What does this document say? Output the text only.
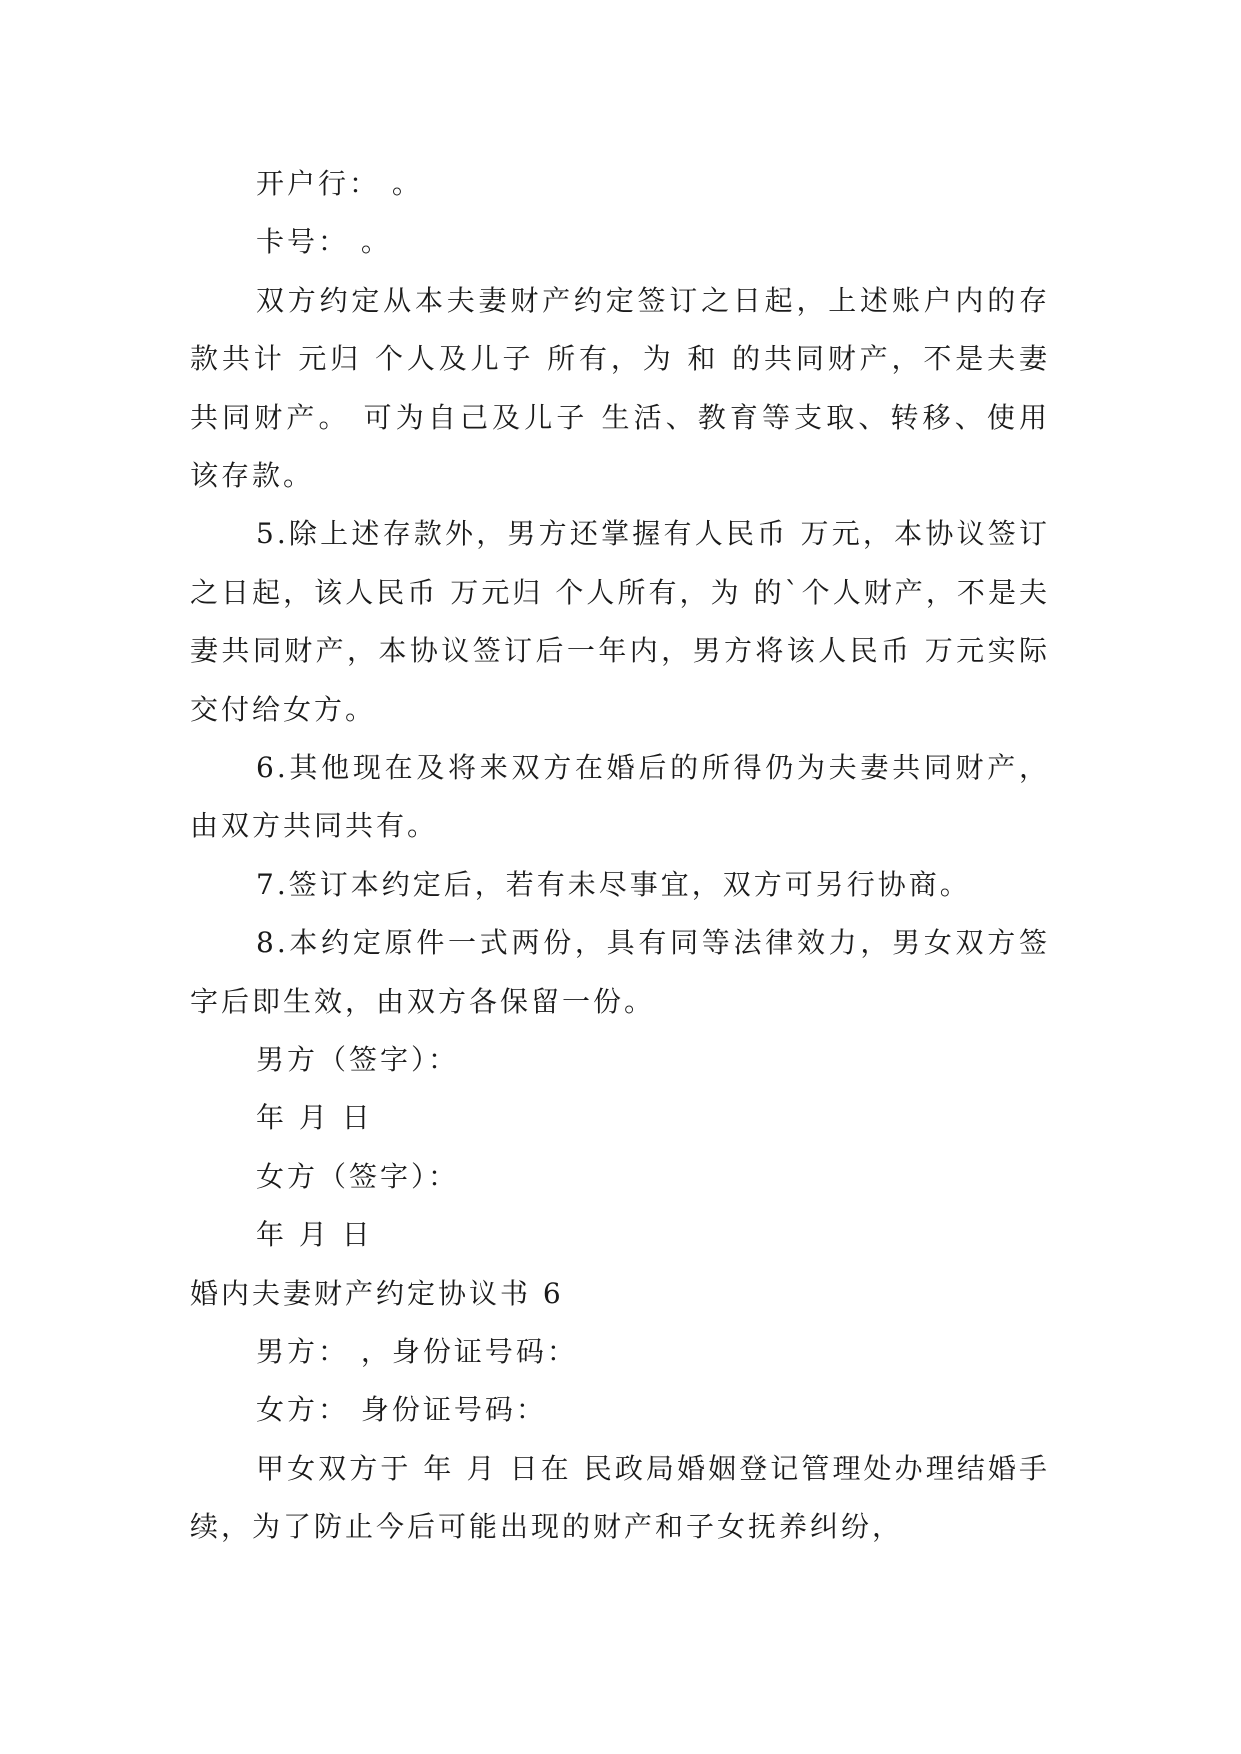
开户行： 。
卡号： 。

双方约定从本夫妻财产约定签订之日起，上述账户内的存款共计 元归 个人及儿子 所有，为 和 的共同财产，不是夫妻共同财产。 可为自己及儿子 生活、教育等支取、转移、使用该存款。

5.除上述存款外，男方还掌握有人民币 万元，本协议签订之日起，该人民币 万元归 个人所有，为 的`个人财产，不是夫妻共同财产，本协议签订后一年内，男方将该人民币 万元实际交付给女方。

6.其他现在及将来双方在婚后的所得仍为夫妻共同财产，由双方共同共有。

7.签订本约定后，若有未尽事宜，双方可另行协商。

8.本约定原件一式两份，具有同等法律效力，男女双方签字后即生效，由双方各保留一份。

男方（签字）：
年 月 日
女方（签字）：
年 月 日
婚内夫妻财产约定协议书 6
男方： ，身份证号码：
女方： 身份证号码：

甲女双方于 年 月 日在 民政局婚姻登记管理处办理结婚手续，为了防止今后可能出现的财产和子女抚养纠纷，
